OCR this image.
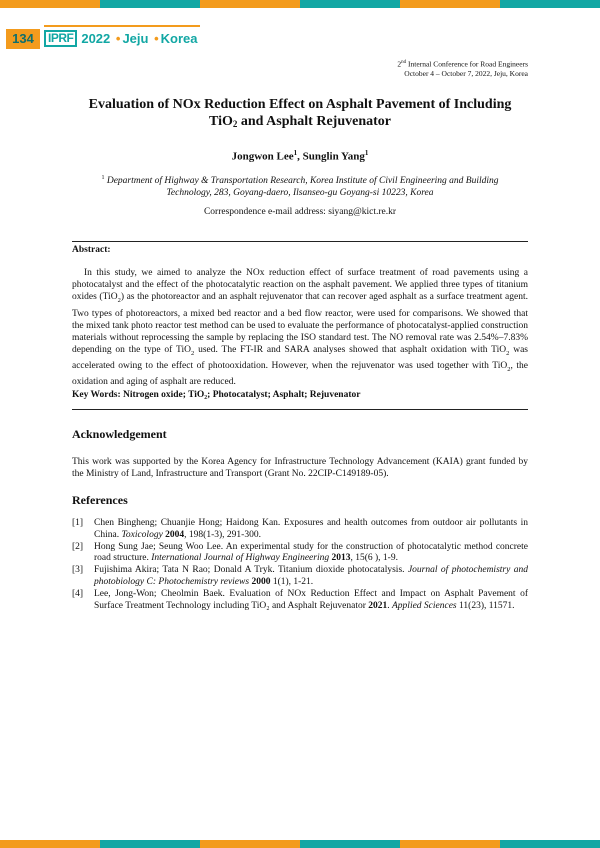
134	IPRF 2022 • Jeju • Korea
2nd Internal Conference for Road Engineers
October 4 – October 7, 2022, Jeju, Korea
Evaluation of NOx Reduction Effect on Asphalt Pavement of Including
TiO$_2$ and Asphalt Rejuvenator
Jongwon Lee$^1$, Sunglin Yang$^1$
$^1$ Department of Highway & Transportation Research, Korea Institute of Civil Engineering and Building
Technology, 283, Goyang-daero, Ilsanseo-gu Goyang-si 10223, Korea
Correspondence e-mail address: siyang@kict.re.kr
Abstract:
In this study, we aimed to analyze the NOx reduction effect of surface treatment of road pavements using a photocatalyst and the effect of the photocatalytic reaction on the asphalt pavement. We applied three types of titanium oxides (TiO$_2$) as the photoreactor and an asphalt rejuvenator that can recover aged asphalt as a surface treatment agent. Two types of photoreactors, a mixed bed reactor and a bed flow reactor, were used for comparisons. We showed that the mixed tank photo reactor test method can be used to evaluate the performance of photocatalyst-applied construction materials without reprocessing the sample by replacing the ISO standard test. The NO removal rate was 2.54%–7.83% depending on the type of TiO$_2$ used. The FT-IR and SARA analyses showed that asphalt oxidation with TiO$_2$ was accelerated owing to the effect of photooxidation. However, when the rejuvenator was used together with TiO$_2$, the oxidation and aging of asphalt are reduced.
Key Words: Nitrogen oxide; TiO₂; Photocatalyst; Asphalt; Rejuvenator
Acknowledgement
This work was supported by the Korea Agency for Infrastructure Technology Advancement (KAIA) grant funded by the Ministry of Land, Infrastructure and Transport (Grant No. 22CIP-C149189-05).
References
[1]	Chen Bingheng; Chuanjie Hong; Haidong Kan. Exposures and health outcomes from outdoor air pollutants in China. Toxicology 2004, 198(1-3), 291-300.
[2]	Hong Sung Jae; Seung Woo Lee. An experimental study for the construction of photocatalytic method concrete road structure. International Journal of Highway Engineering 2013, 15(6 ), 1-9.
[3]	Fujishima Akira; Tata N Rao; Donald A Tryk. Titanium dioxide photocatalysis. Journal of photochemistry and photobiology C: Photochemistry reviews 2000 1(1), 1-21.
[4]	Lee, Jong-Won; Cheolmin Baek. Evaluation of NOx Reduction Effect and Impact on Asphalt Pavement of Surface Treatment Technology including TiO₂ and Asphalt Rejuvenator 2021. Applied Sciences 11(23), 11571.
